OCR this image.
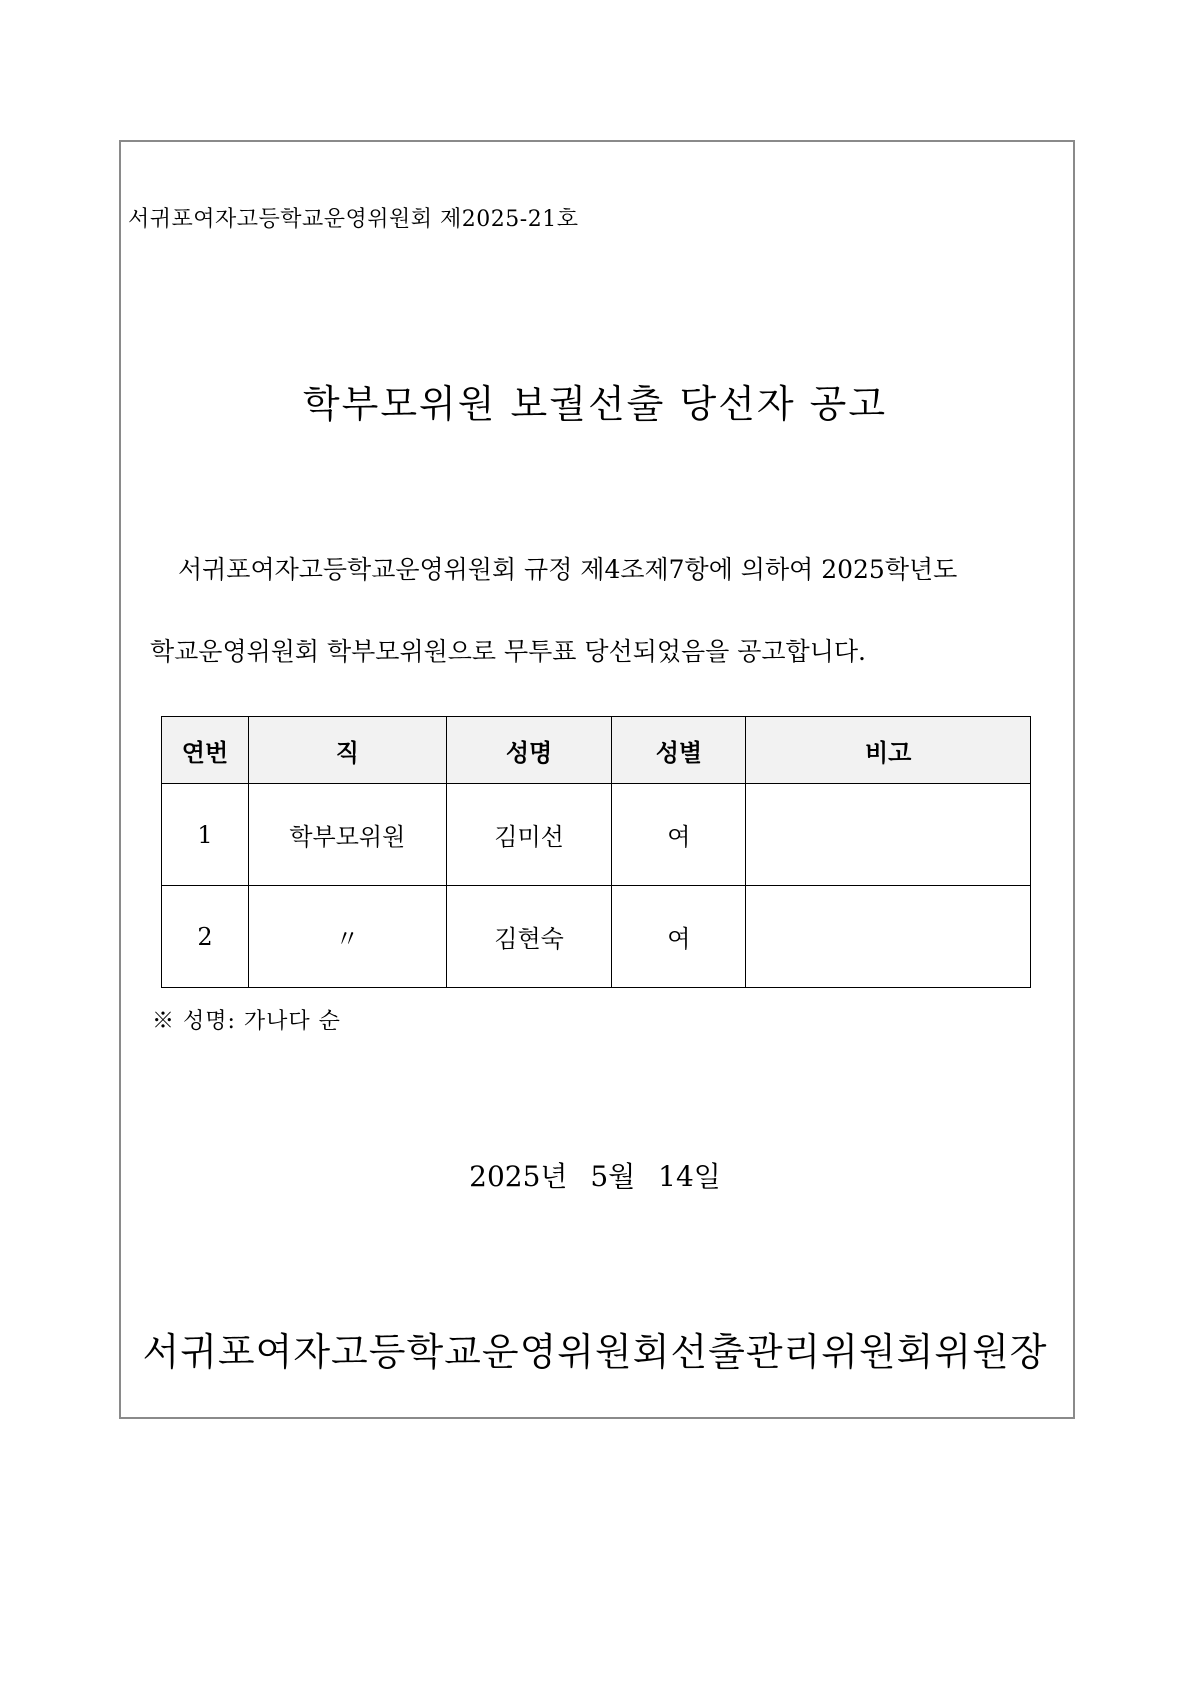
서귀포여자고등학교운영위원회 제2025-21호
학부모위원 보궐선출 당선자 공고
서귀포여자고등학교운영위원회 규정 제4조제7항에 의하여 2025학년도
학교운영위원회 학부모위원으로 무투표 당선되었음을 공고합니다.
연번	직	성명	성별	비고
1	학부모위원	김미선	여	
2	〃	김현숙	여	
※ 성명: 가나다 순
2025년 5월 14일
서귀포여자고등학교운영위원회선출관리위원회위원장
